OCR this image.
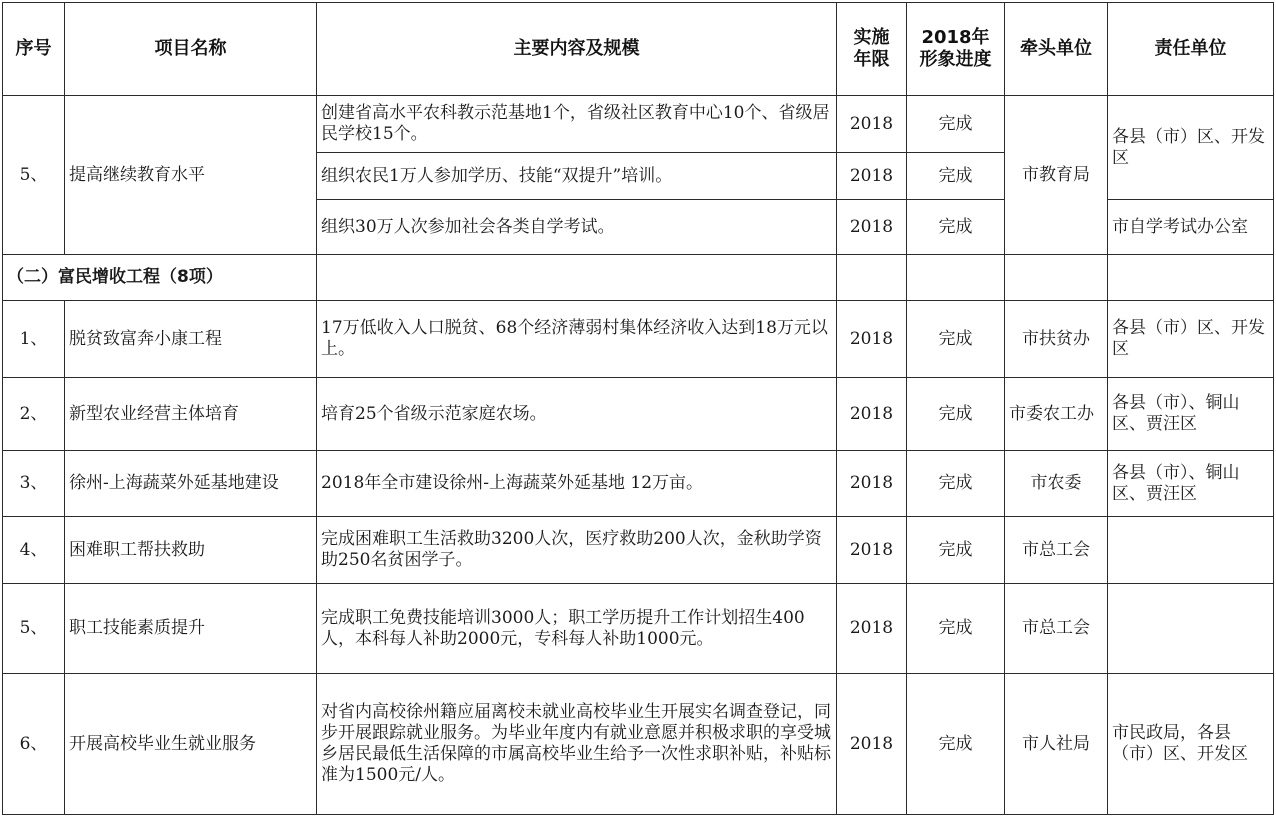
序号	项目名称	主要内容及规模	实施年限	2018年形象进度	牵头单位	责任单位
5、	提高继续教育水平	创建省高水平农科教示范基地1个，省级社区教育中心10个、省级居民学校15个。	2018	完成	市教育局	各县（市）区、开发区
		组织农民1万人参加学历、技能“双提升”培训。	2018	完成		
		组织30万人次参加社会各类自学考试。	2018	完成		市自学考试办公室
（二）富民增收工程（8项）						
1、	脱贫致富奔小康工程	17万低收入人口脱贫、68个经济薄弱村集体经济收入达到18万元以上。	2018	完成	市扶贫办	各县（市）区、开发区
2、	新型农业经营主体培育	培育25个省级示范家庭农场。	2018	完成	市委农工办	各县（市）、铜山区、贾汪区
3、	徐州-上海蔬菜外延基地建设	2018年全市建设徐州-上海蔬菜外延基地 12万亩。	2018	完成	市农委	各县（市）、铜山区、贾汪区
4、	困难职工帮扶救助	完成困难职工生活救助3200人次，医疗救助200人次，金秋助学资助250名贫困学子。	2018	完成	市总工会	
5、	职工技能素质提升	完成职工免费技能培训3000人；职工学历提升工作计划招生400人，本科每人补助2000元，专科每人补助1000元。	2018	完成	市总工会	
6、	开展高校毕业生就业服务	对省内高校徐州籍应届离校未就业高校毕业生开展实名调查登记，同步开展跟踪就业服务。为毕业年度内有就业意愿并积极求职的享受城乡居民最低生活保障的市属高校毕业生给予一次性求职补贴，补贴标准为1500元/人。	2018	完成	市人社局	市民政局，各县（市）区、开发区
